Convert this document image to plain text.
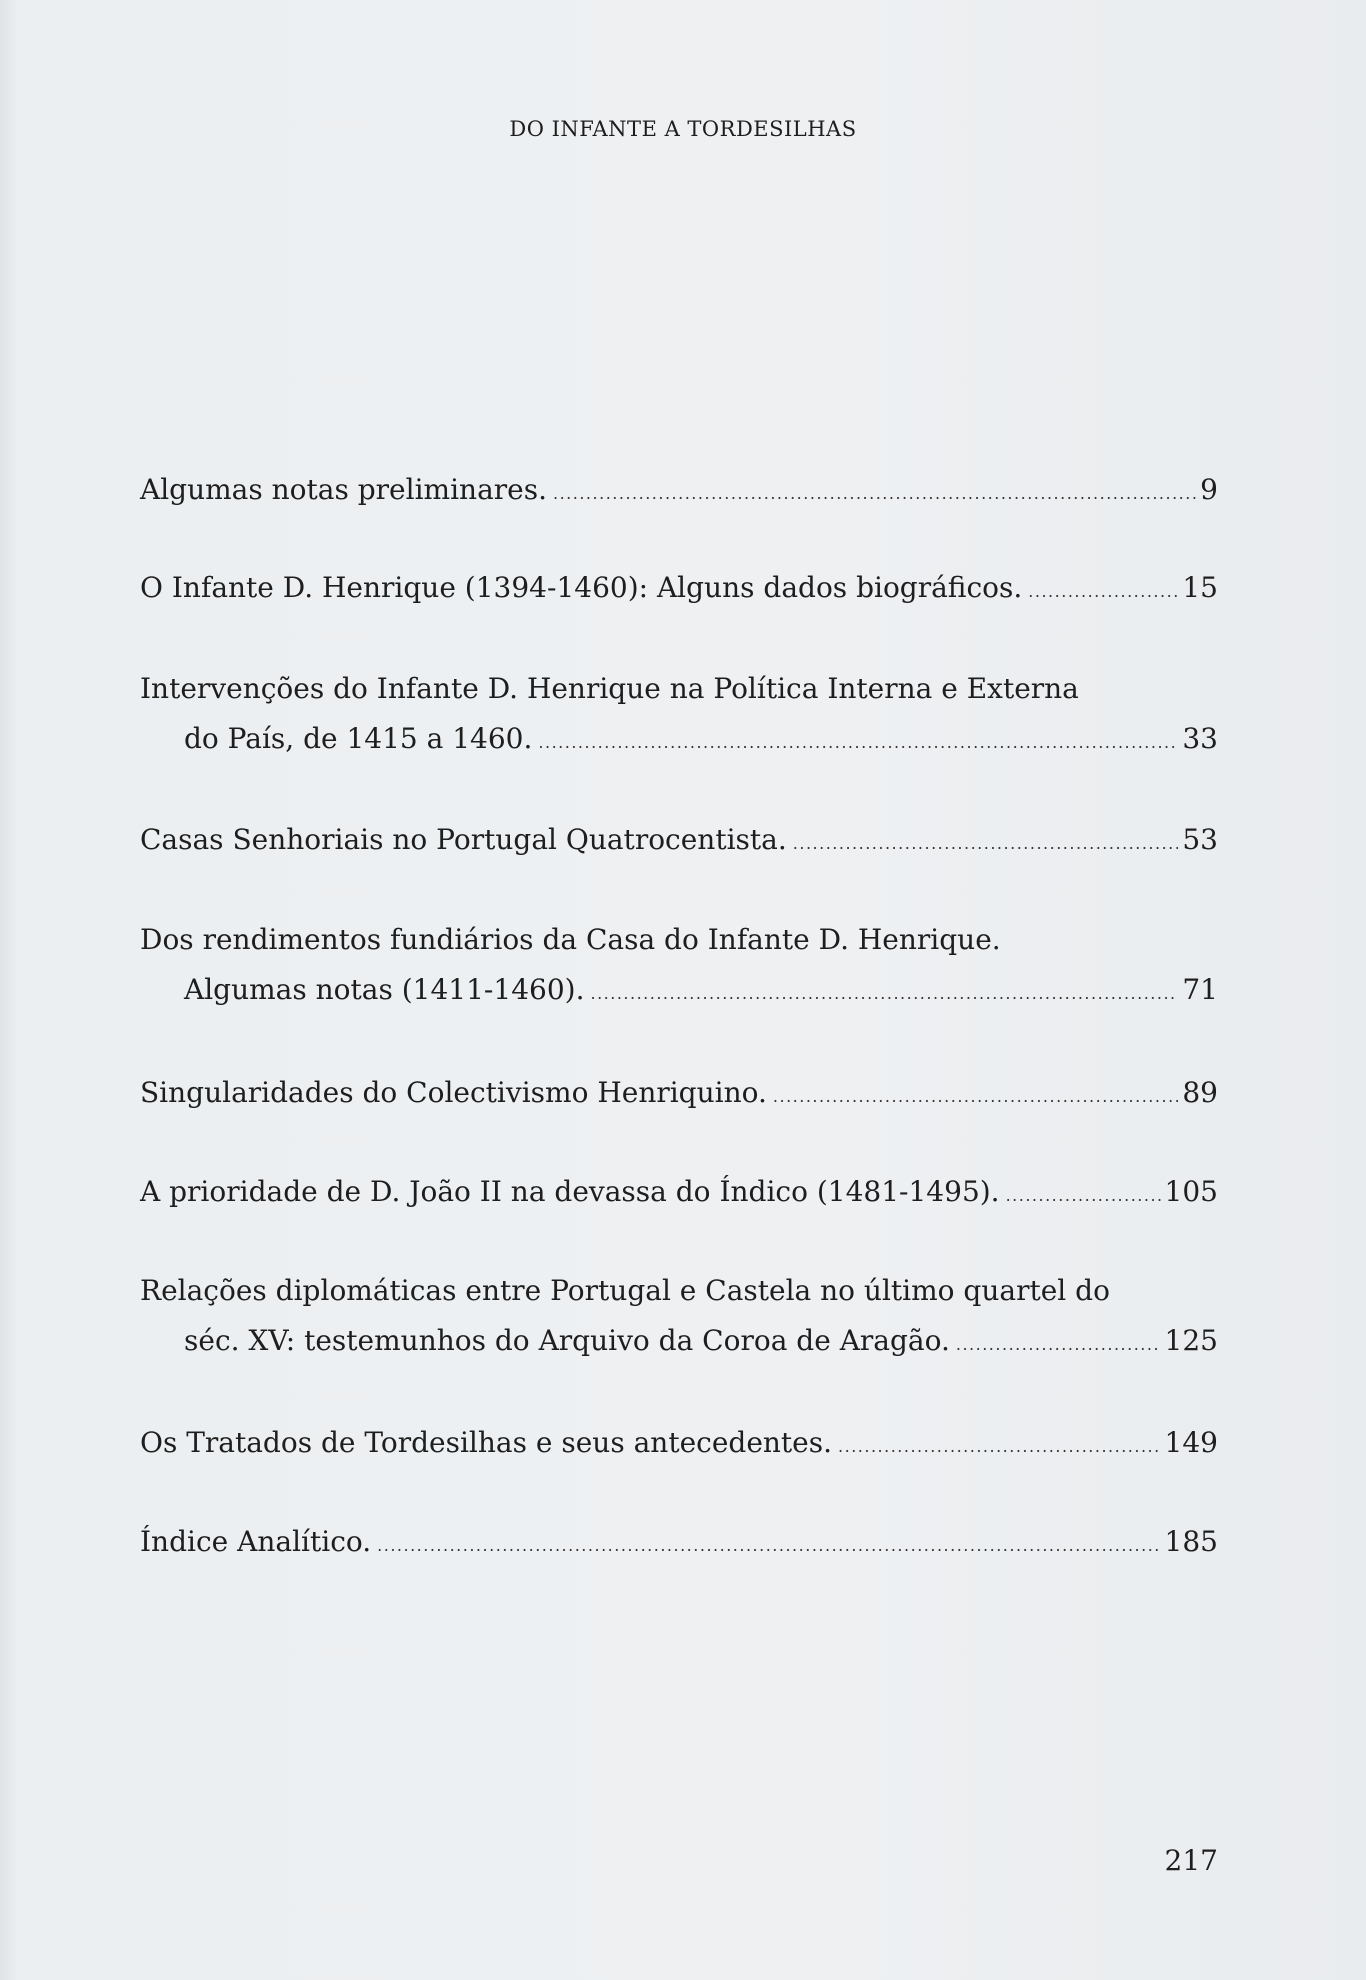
DO INFANTE A TORDESILHAS
Algumas notas preliminares. .....	9
O Infante D. Henrique (1394-1460): Alguns dados biográficos. .....	15
Intervenções do Infante D. Henrique na Política Interna e Externa
do País, de 1415 a 1460. .....	33
Casas Senhoriais no Portugal Quatrocentista. .....	53
Dos rendimentos fundiários da Casa do Infante D. Henrique.
Algumas notas (1411-1460). .....	71
Singularidades do Colectivismo Henriquino. .....	89
A prioridade de D. João II na devassa do Índico (1481-1495). .....	105
Relações diplomáticas entre Portugal e Castela no último quartel do
séc. XV: testemunhos do Arquivo da Coroa de Aragão. .....	125
Os Tratados de Tordesilhas e seus antecedentes. .....	149
Índice Analítico. .....	185
217
